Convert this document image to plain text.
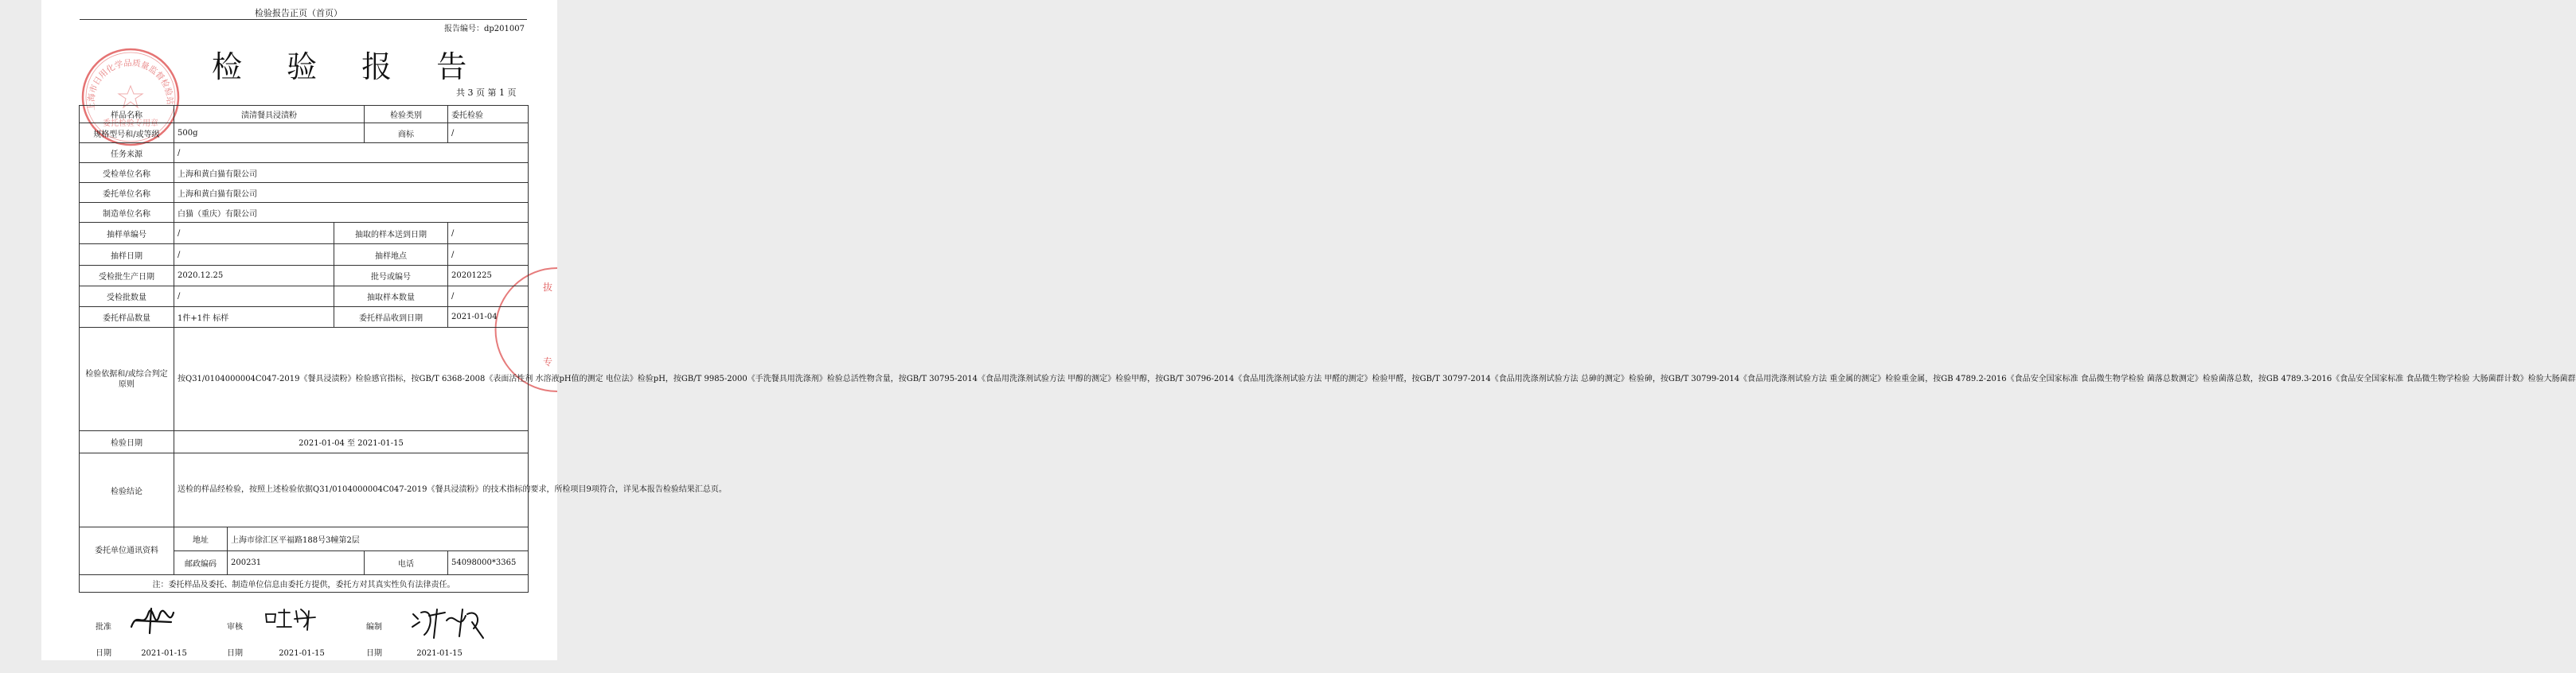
检验报告正页（首页）
报告编号：dp201007
检 验 报 告
共 3 页 第 1 页
上海市日用化学品质量监督检验站
委托检验专用章
抜
专
样品名称	渍清餐具浸渍粉			检验类别	委托检验
规格型号和/或等级	500g			商标	/
任务来源	/				
受检单位名称	上海和黄白猫有限公司				
委托单位名称	上海和黄白猫有限公司				
制造单位名称	白猫（重庆）有限公司				
抽样单编号	/		抽取的样本送到日期		/
抽样日期	/		抽样地点		/
受检批生产日期	2020.12.25		批号或编号		20201225
受检批数量	/		抽取样本数量		/
委托样品数量	1件+1件 标样		委托样品收到日期		2021-01-04
检验依据和/或综合判定原则	按Q31/0104000004C047-2019《餐具浸渍粉》检验感官指标，按GB/T 6368-2008《表面活性剂 水溶液pH值的测定 电位法》检验pH，按GB/T 9985-2000《手洗餐具用洗涤剂》检验总活性物含量，按GB/T 30795-2014《食品用洗涤剂试验方法 甲醇的测定》检验甲醇，按GB/T 30796-2014《食品用洗涤剂试验方法 甲醛的测定》检验甲醛，按GB/T 30797-2014《食品用洗涤剂试验方法 总砷的测定》检验砷，按GB/T 30799-2014《食品用洗涤剂试验方法 重金属的测定》检验重金属，按GB 4789.2-2016《食品安全国家标准 食品微生物学检验 菌落总数测定》检验菌落总数，按GB 4789.3-2016《食品安全国家标准 食品微生物学检验 大肠菌群计数》检验大肠菌群				
检验日期	2021-01-04 至 2021-01-15				
检验结论	送检的样品经检验，按照上述检验依据Q31/0104000004C047-2019《餐具浸渍粉》的技术指标的要求，所检项目9项符合，详见本报告检验结果汇总页。				
委托单位通讯资料	地址	上海市徐汇区平福路188号3幢第2层			
	邮政编码	200231		电话	54098000*3365
注：委托样品及委托、制造单位信息由委托方提供，委托方对其真实性负有法律责任。					
批准	审核	编制
日期	2021-01-15	日期	2021-01-15	日期	2021-01-15
